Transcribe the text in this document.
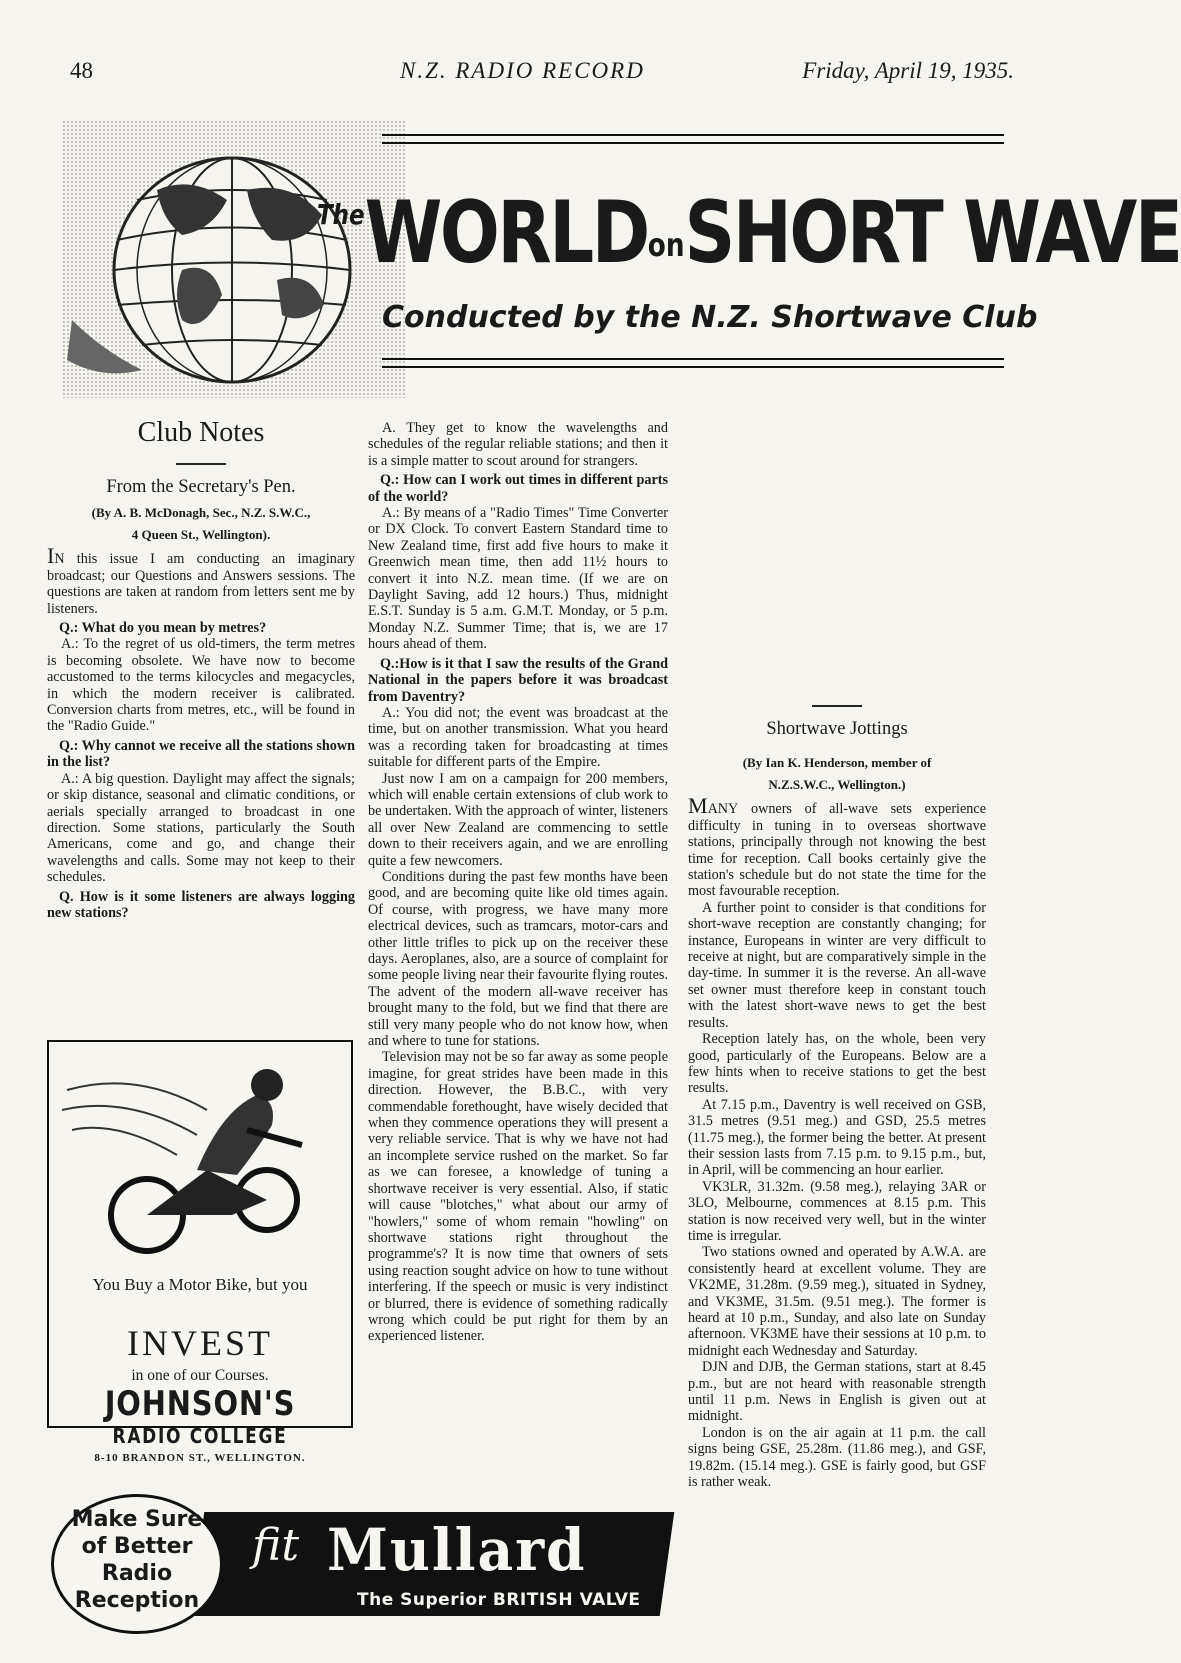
48	N.Z. RADIO RECORD	Friday, April 19, 1935.
$^{The}$WORLDonSHORT WAVE
Conducted by the N.Z. Shortwave Club
Club Notes
From the Secretary's Pen.
(By A. B. McDonagh, Sec., N.Z. S.W.C.,
4 Queen St., Wellington).

IN this issue I am conducting an imaginary broadcast; our Questions and Answers sessions. The questions are taken at random from letters sent me by listeners.

Q.: What do you mean by metres?

A.: To the regret of us old-timers, the term metres is becoming obsolete. We have now to become accustomed to the terms kilocycles and megacycles, in which the modern receiver is calibrated. Conversion charts from metres, etc., will be found in the "Radio Guide."

Q.: Why cannot we receive all the stations shown in the list?

A.: A big question. Daylight may affect the signals; or skip distance, seasonal and climatic conditions, or aerials specially arranged to broadcast in one direction. Some stations, particularly the South Americans, come and go, and change their wavelengths and calls. Some may not keep to their schedules.

Q. How is it some listeners are always logging new stations?

You Buy a Motor Bike, but you
INVEST
in one of our Courses.
JOHNSON'S
RADIO COLLEGE
8-10 BRANDON ST., WELLINGTON.

A. They get to know the wavelengths and schedules of the regular reliable stations; and then it is a simple matter to scout around for strangers.

Q.: How can I work out times in different parts of the world?

A.: By means of a "Radio Times" Time Converter or DX Clock. To convert Eastern Standard time to New Zealand time, first add five hours to make it Greenwich mean time, then add 11½ hours to convert it into N.Z. mean time. (If we are on Daylight Saving, add 12 hours.) Thus, midnight E.S.T. Sunday is 5 a.m. G.M.T. Monday, or 5 p.m. Monday N.Z. Summer Time; that is, we are 17 hours ahead of them.

Q.:How is it that I saw the results of the Grand National in the papers before it was broadcast from Daventry?

A.: You did not; the event was broadcast at the time, but on another transmission. What you heard was a recording taken for broadcasting at times suitable for different parts of the Empire.

Just now I am on a campaign for 200 members, which will enable certain extensions of club work to be undertaken. With the approach of winter, listeners all over New Zealand are commencing to settle down to their receivers again, and we are enrolling quite a few newcomers.

Conditions during the past few months have been good, and are becoming quite like old times again. Of course, with progress, we have many more electrical devices, such as tramcars, motor-cars and other little trifles to pick up on the receiver these days. Aeroplanes, also, are a source of complaint for some people living near their favourite flying routes. The advent of the modern all-wave receiver has brought many to the fold, but we find that there are still very many people who do not know how, when and where to tune for stations.

Television may not be so far away as some people imagine, for great strides have been made in this direction. However, the B.B.C., with very commendable forethought, have wisely decided that when they commence operations they will present a very reliable service. That is why we have not had an incomplete service rushed on the market. So far as we can foresee, a knowledge of tuning a shortwave receiver is very essential. Also, if static will cause "blotches," what about our army of "howlers," some of whom remain "howling" on shortwave stations right throughout the programme's? It is now time that owners of sets using reaction sought advice on how to tune without interfering. If the speech or music is very indistinct or blurred, there is evidence of something radically wrong which could be put right for them by an experienced listener.

Shortwave Jottings
(By Ian K. Henderson, member of
N.Z.S.W.C., Wellington.)

MANY owners of all-wave sets experience difficulty in tuning in to overseas shortwave stations, principally through not knowing the best time for reception. Call books certainly give the station's schedule but do not state the time for the most favourable reception.

A further point to consider is that conditions for short-wave reception are constantly changing; for instance, Europeans in winter are very difficult to receive at night, but are comparatively simple in the day-time. In summer it is the reverse. An all-wave set owner must therefore keep in constant touch with the latest short-wave news to get the best results.

Reception lately has, on the whole, been very good, particularly of the Europeans. Below are a few hints when to receive stations to get the best results.

At 7.15 p.m., Daventry is well received on GSB, 31.5 metres (9.51 meg.) and GSD, 25.5 metres (11.75 meg.), the former being the better. At present their session lasts from 7.15 p.m. to 9.15 p.m., but, in April, will be commencing an hour earlier.

VK3LR, 31.32m. (9.58 meg.), relaying 3AR or 3LO, Melbourne, commences at 8.15 p.m. This station is now received very well, but in the winter time is irregular.

Two stations owned and operated by A.W.A. are consistently heard at excellent volume. They are VK2ME, 31.28m. (9.59 meg.), situated in Sydney, and VK3ME, 31.5m. (9.51 meg.). The former is heard at 10 p.m., Sunday, and also late on Sunday afternoon. VK3ME have their sessions at 10 p.m. to midnight each Wednesday and Saturday.

DJN and DJB, the German stations, start at 8.45 p.m., but are not heard with reasonable strength until 11 p.m. News in English is given out at midnight.

London is on the air again at 11 p.m. the call signs being GSE, 25.28m. (11.86 meg.), and GSF, 19.82m. (15.14 meg.). GSE is fairly good, but GSF is rather weak.

Make Sure of Better Radio Reception
fit Mullard
The Superior BRITISH VALVE
